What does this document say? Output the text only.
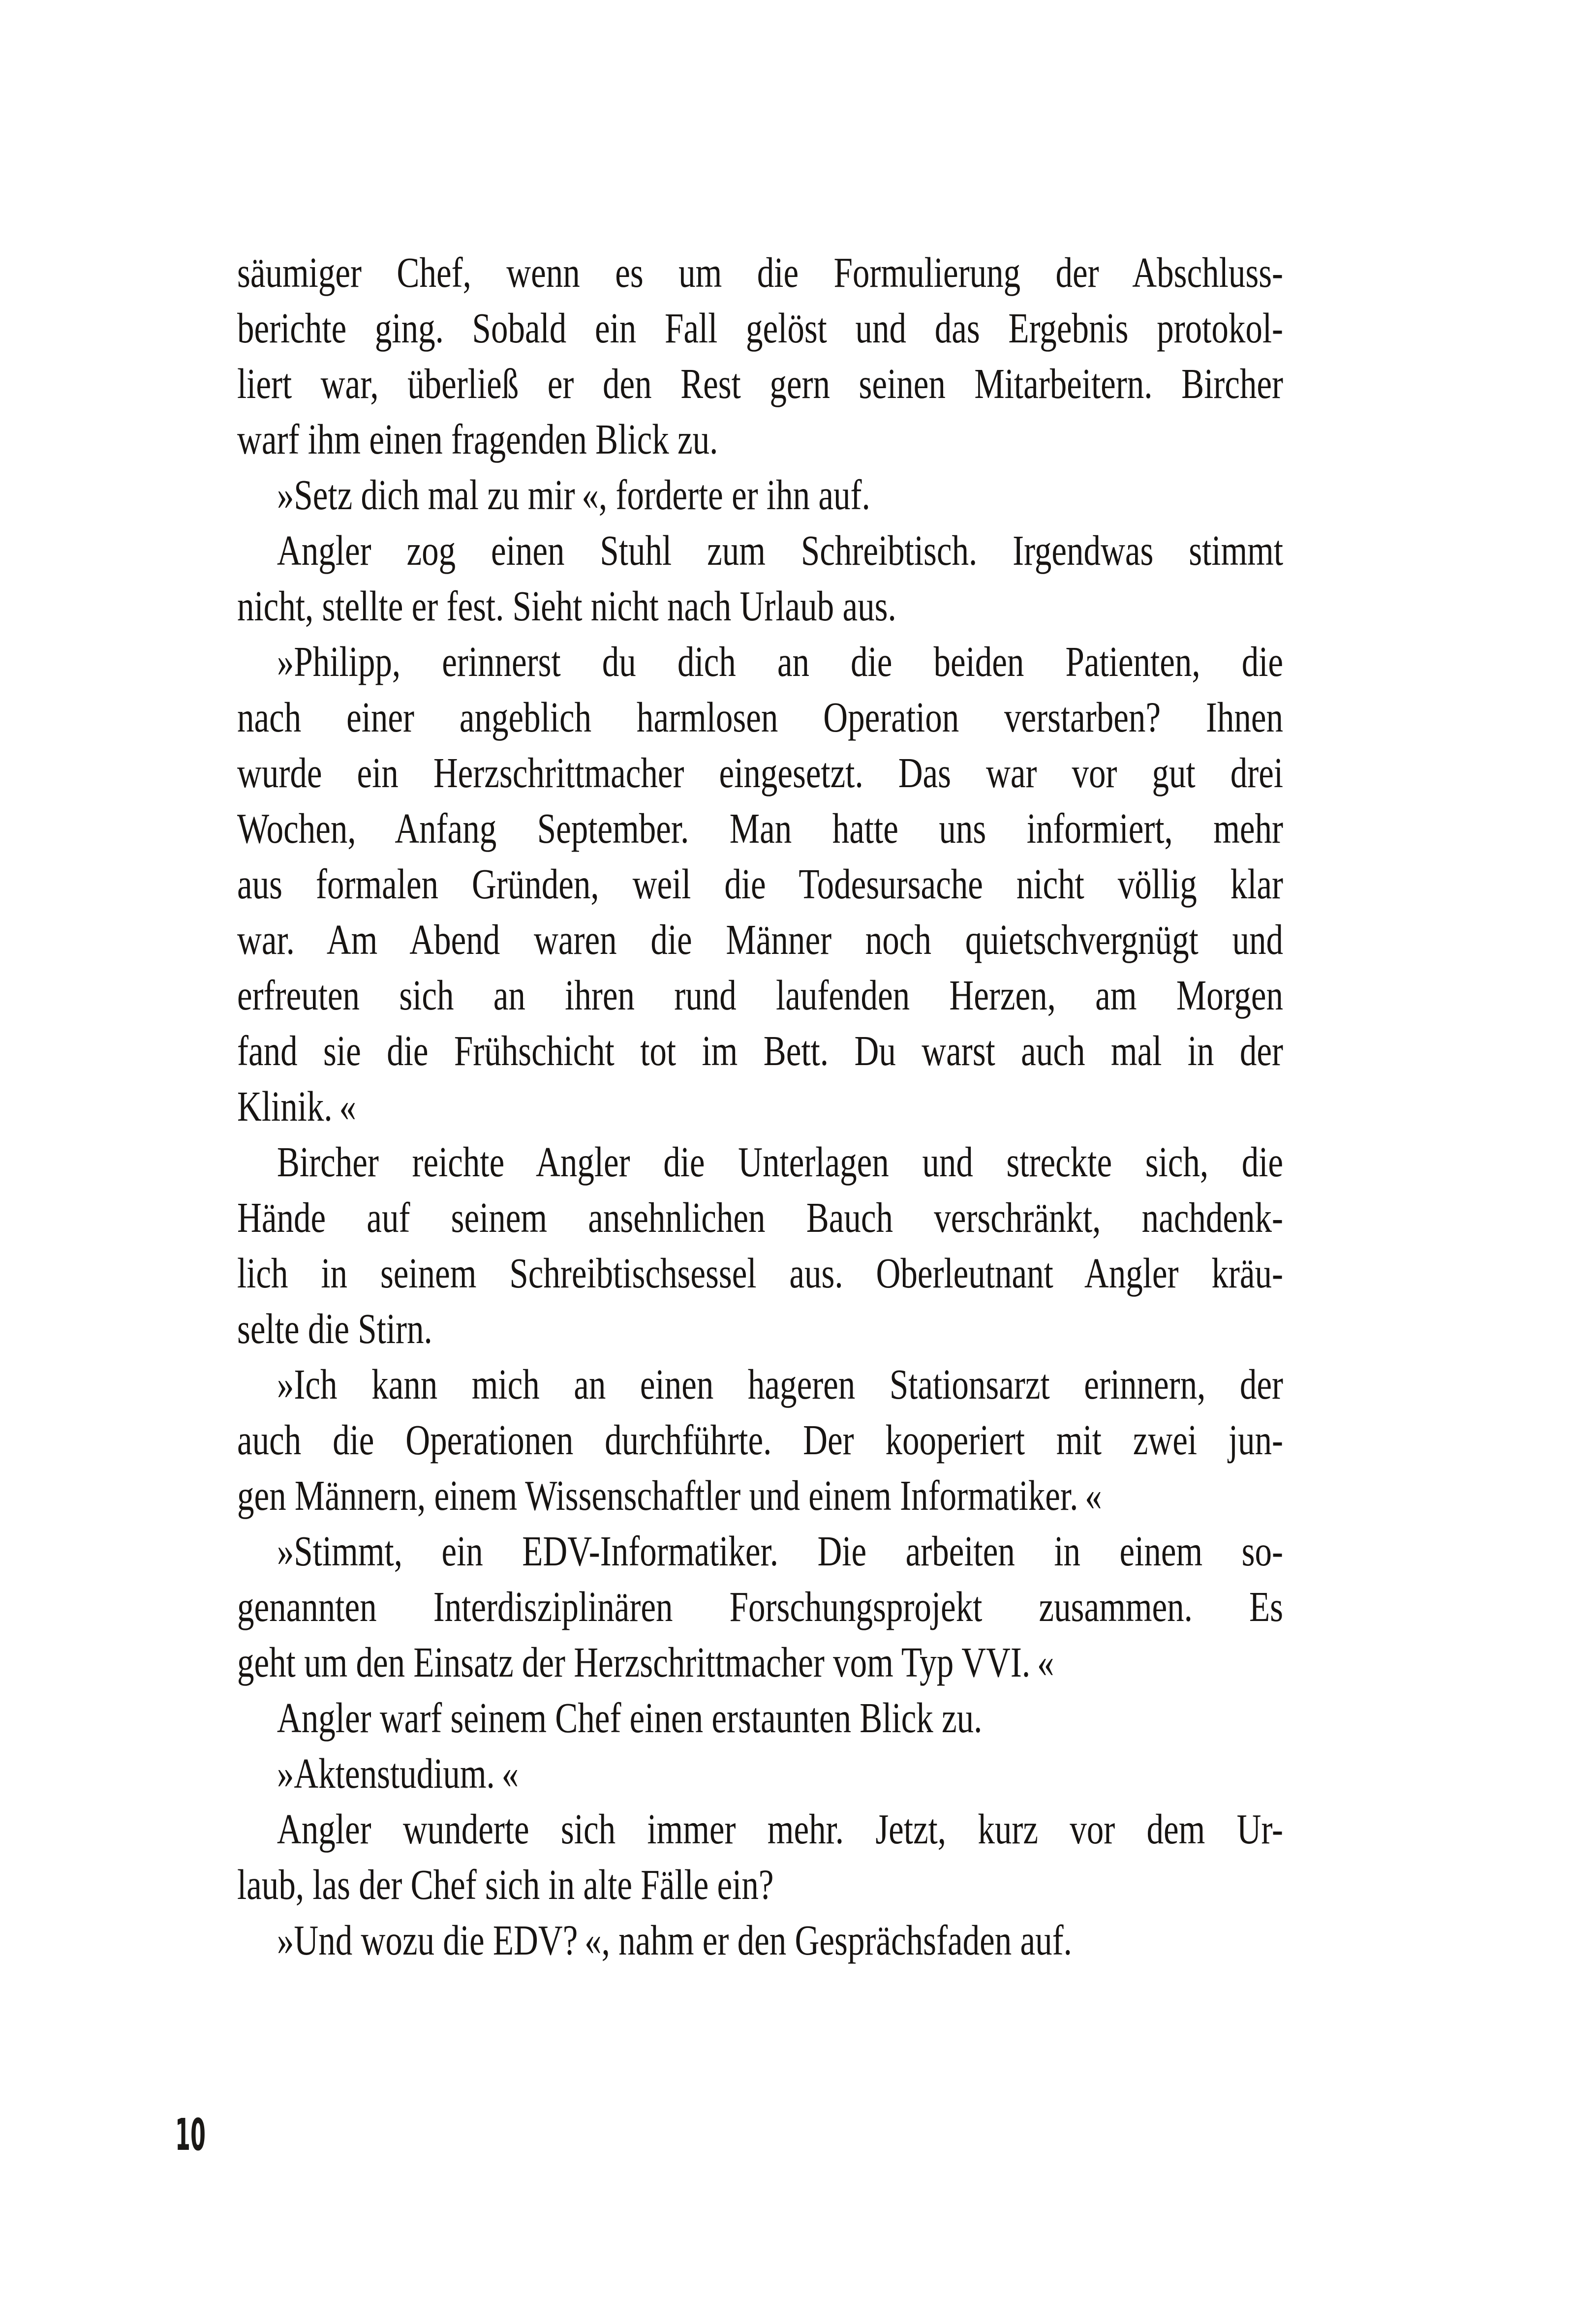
säumiger Chef, wenn es um die Formulierung der Abschluss-
berichte ging. Sobald ein Fall gelöst und das Ergebnis protokol-
liert war, überließ er den Rest gern seinen Mitarbeitern. Bircher
warf ihm einen fragenden Blick zu.
»Setz dich mal zu mir «, forderte er ihn auf.
Angler zog einen Stuhl zum Schreibtisch. Irgendwas stimmt
nicht, stellte er fest. Sieht nicht nach Urlaub aus.
»Philipp, erinnerst du dich an die beiden Patienten, die
nach einer angeblich harmlosen Operation verstarben? Ihnen
wurde ein Herzschrittmacher eingesetzt. Das war vor gut drei
Wochen, Anfang September. Man hatte uns informiert, mehr
aus formalen Gründen, weil die Todesursache nicht völlig klar
war. Am Abend waren die Männer noch quietschvergnügt und
erfreuten sich an ihren rund laufenden Herzen, am Morgen
fand sie die Frühschicht tot im Bett. Du warst auch mal in der
Klinik. «
Bircher reichte Angler die Unterlagen und streckte sich, die
Hände auf seinem ansehnlichen Bauch verschränkt, nachdenk-
lich in seinem Schreibtischsessel aus. Oberleutnant Angler kräu-
selte die Stirn.
»Ich kann mich an einen hageren Stationsarzt erinnern, der
auch die Operationen durchführte. Der kooperiert mit zwei jun-
gen Männern, einem Wissenschaftler und einem Informatiker. «
»Stimmt, ein EDV-Informatiker. Die arbeiten in einem so-
genannten Interdisziplinären Forschungsprojekt zusammen. Es
geht um den Einsatz der Herzschrittmacher vom Typ VVI. «
Angler warf seinem Chef einen erstaunten Blick zu.
»Aktenstudium. «
Angler wunderte sich immer mehr. Jetzt, kurz vor dem Ur-
laub, las der Chef sich in alte Fälle ein?
»Und wozu die EDV? «, nahm er den Gesprächsfaden auf.
10
